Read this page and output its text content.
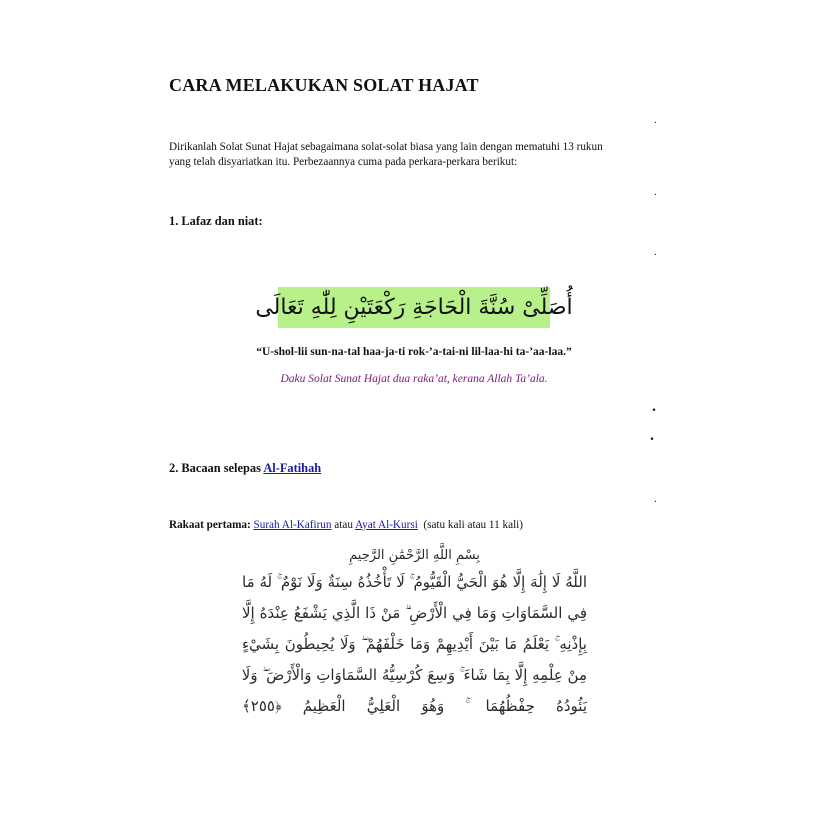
CARA MELAKUKAN SOLAT HAJAT
.
Dirikanlah Solat Sunat Hajat sebagaimana solat-solat biasa yang lain dengan mematuhi 13 rukun
yang telah disyariatkan itu. Perbezaannya cuma pada perkara-perkara berikut:
.
1. Lafaz dan niat:
.
أُصَلِّىْ سُنَّةَ الْحَاجَةِ رَكْعَتَيْنِ لِلّٰهِ تَعَالَى
“U-shol-lii sun-na-tal haa-ja-ti rok-’a-tai-ni lil-laa-hi ta-’aa-laa.”
Daku Solat Sunat Hajat dua raka’at, kerana Allah Ta’ala.
.
.
2. Bacaan selepas Al-Fatihah
.
Rakaat pertama: Surah Al-Kafirun atau Ayat Al-Kursi (satu kali atau 11 kali)
بِسْمِ اللَّهِ الرَّحْمَٰنِ الرَّحِيمِ
اللَّهُ لَا إِلَٰهَ إِلَّا هُوَ الْحَيُّ الْقَيُّومُ ۚ لَا تَأْخُذُهُ سِنَةٌ وَلَا نَوْمٌ ۚ لَهُ مَا
فِي السَّمَاوَاتِ وَمَا فِي الْأَرْضِ ۗ مَنْ ذَا الَّذِي يَشْفَعُ عِنْدَهُ إِلَّا
بِإِذْنِهِ ۚ يَعْلَمُ مَا بَيْنَ أَيْدِيهِمْ وَمَا خَلْفَهُمْ ۖ وَلَا يُحِيطُونَ بِشَيْءٍ
مِنْ عِلْمِهِ إِلَّا بِمَا شَاءَ ۚ وَسِعَ كُرْسِيُّهُ السَّمَاوَاتِ وَالْأَرْضَ ۖ وَلَا
يَئُودُهُ حِفْظُهُمَا ۚ وَهُوَ الْعَلِيُّ الْعَظِيمُ ﴿٢٥٥﴾
